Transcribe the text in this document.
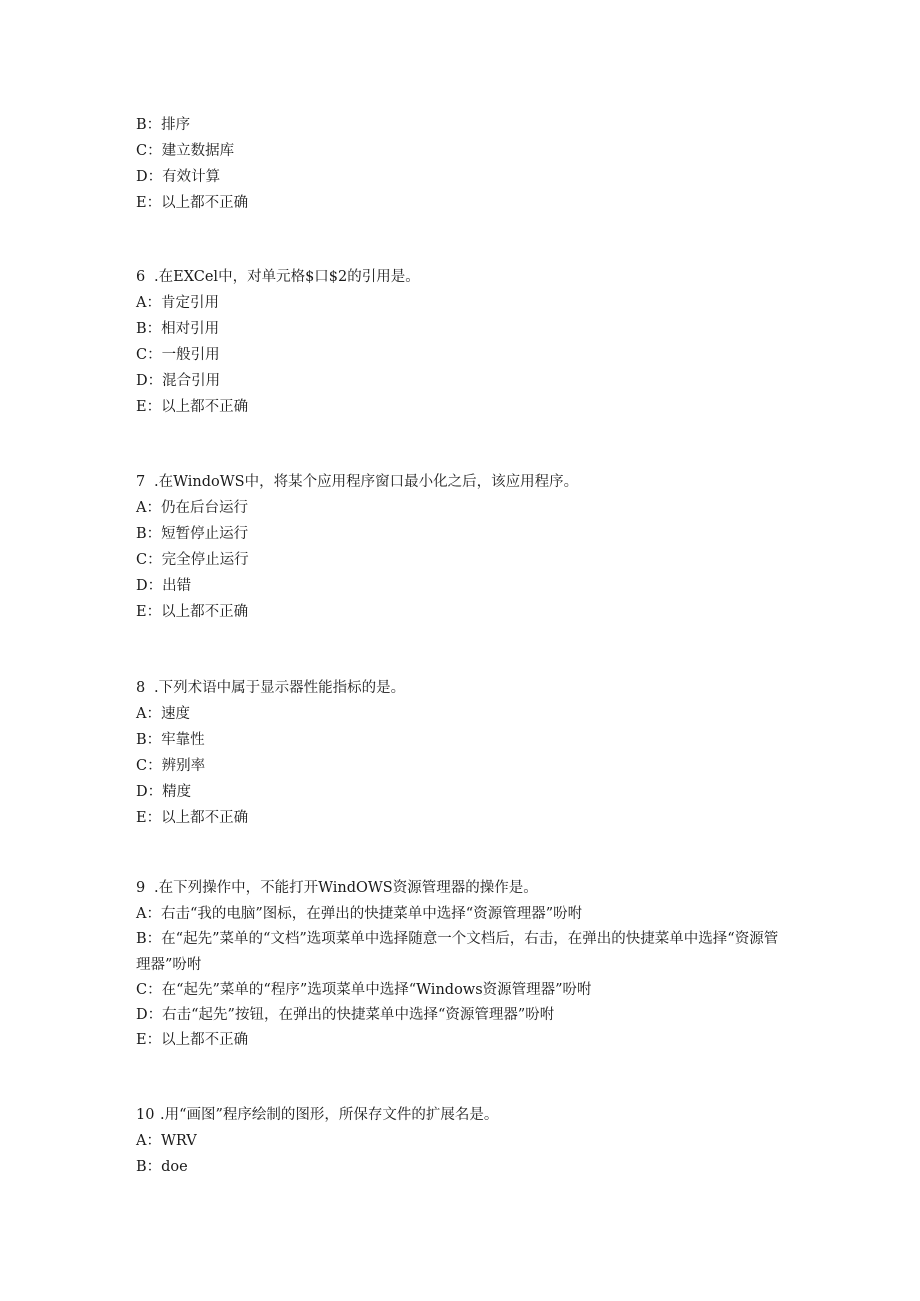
B：排序

C：建立数据库

D：有效计算

E：以上都不正确

6 .在EXCel中，对单元格$口$2的引用是。

A：肯定引用

B：相对引用

C：一般引用

D：混合引用

E：以上都不正确

7 .在WindoWS中，将某个应用程序窗口最小化之后，该应用程序。

A：仍在后台运行

B：短暂停止运行

C：完全停止运行

D：出错

E：以上都不正确

8 .下列术语中属于显示器性能指标的是。

A：速度

B：牢靠性

C：辨别率

D：精度

E：以上都不正确

9 .在下列操作中，不能打开WindOWS资源管理器的操作是。

A：右击“我的电脑”图标，在弹出的快捷菜单中选择“资源管理器”吩咐

B：在“起先”菜单的“文档”选项菜单中选择随意一个文档后，右击，在弹出的快捷菜单中选择“资源管理器”吩咐

C：在“起先”菜单的“程序”选项菜单中选择“Windows资源管理器”吩咐

D：右击“起先”按钮，在弹出的快捷菜单中选择“资源管理器”吩咐

E：以上都不正确

10 .用“画图”程序绘制的图形，所保存文件的扩展名是。

A：WRV

B：doe
